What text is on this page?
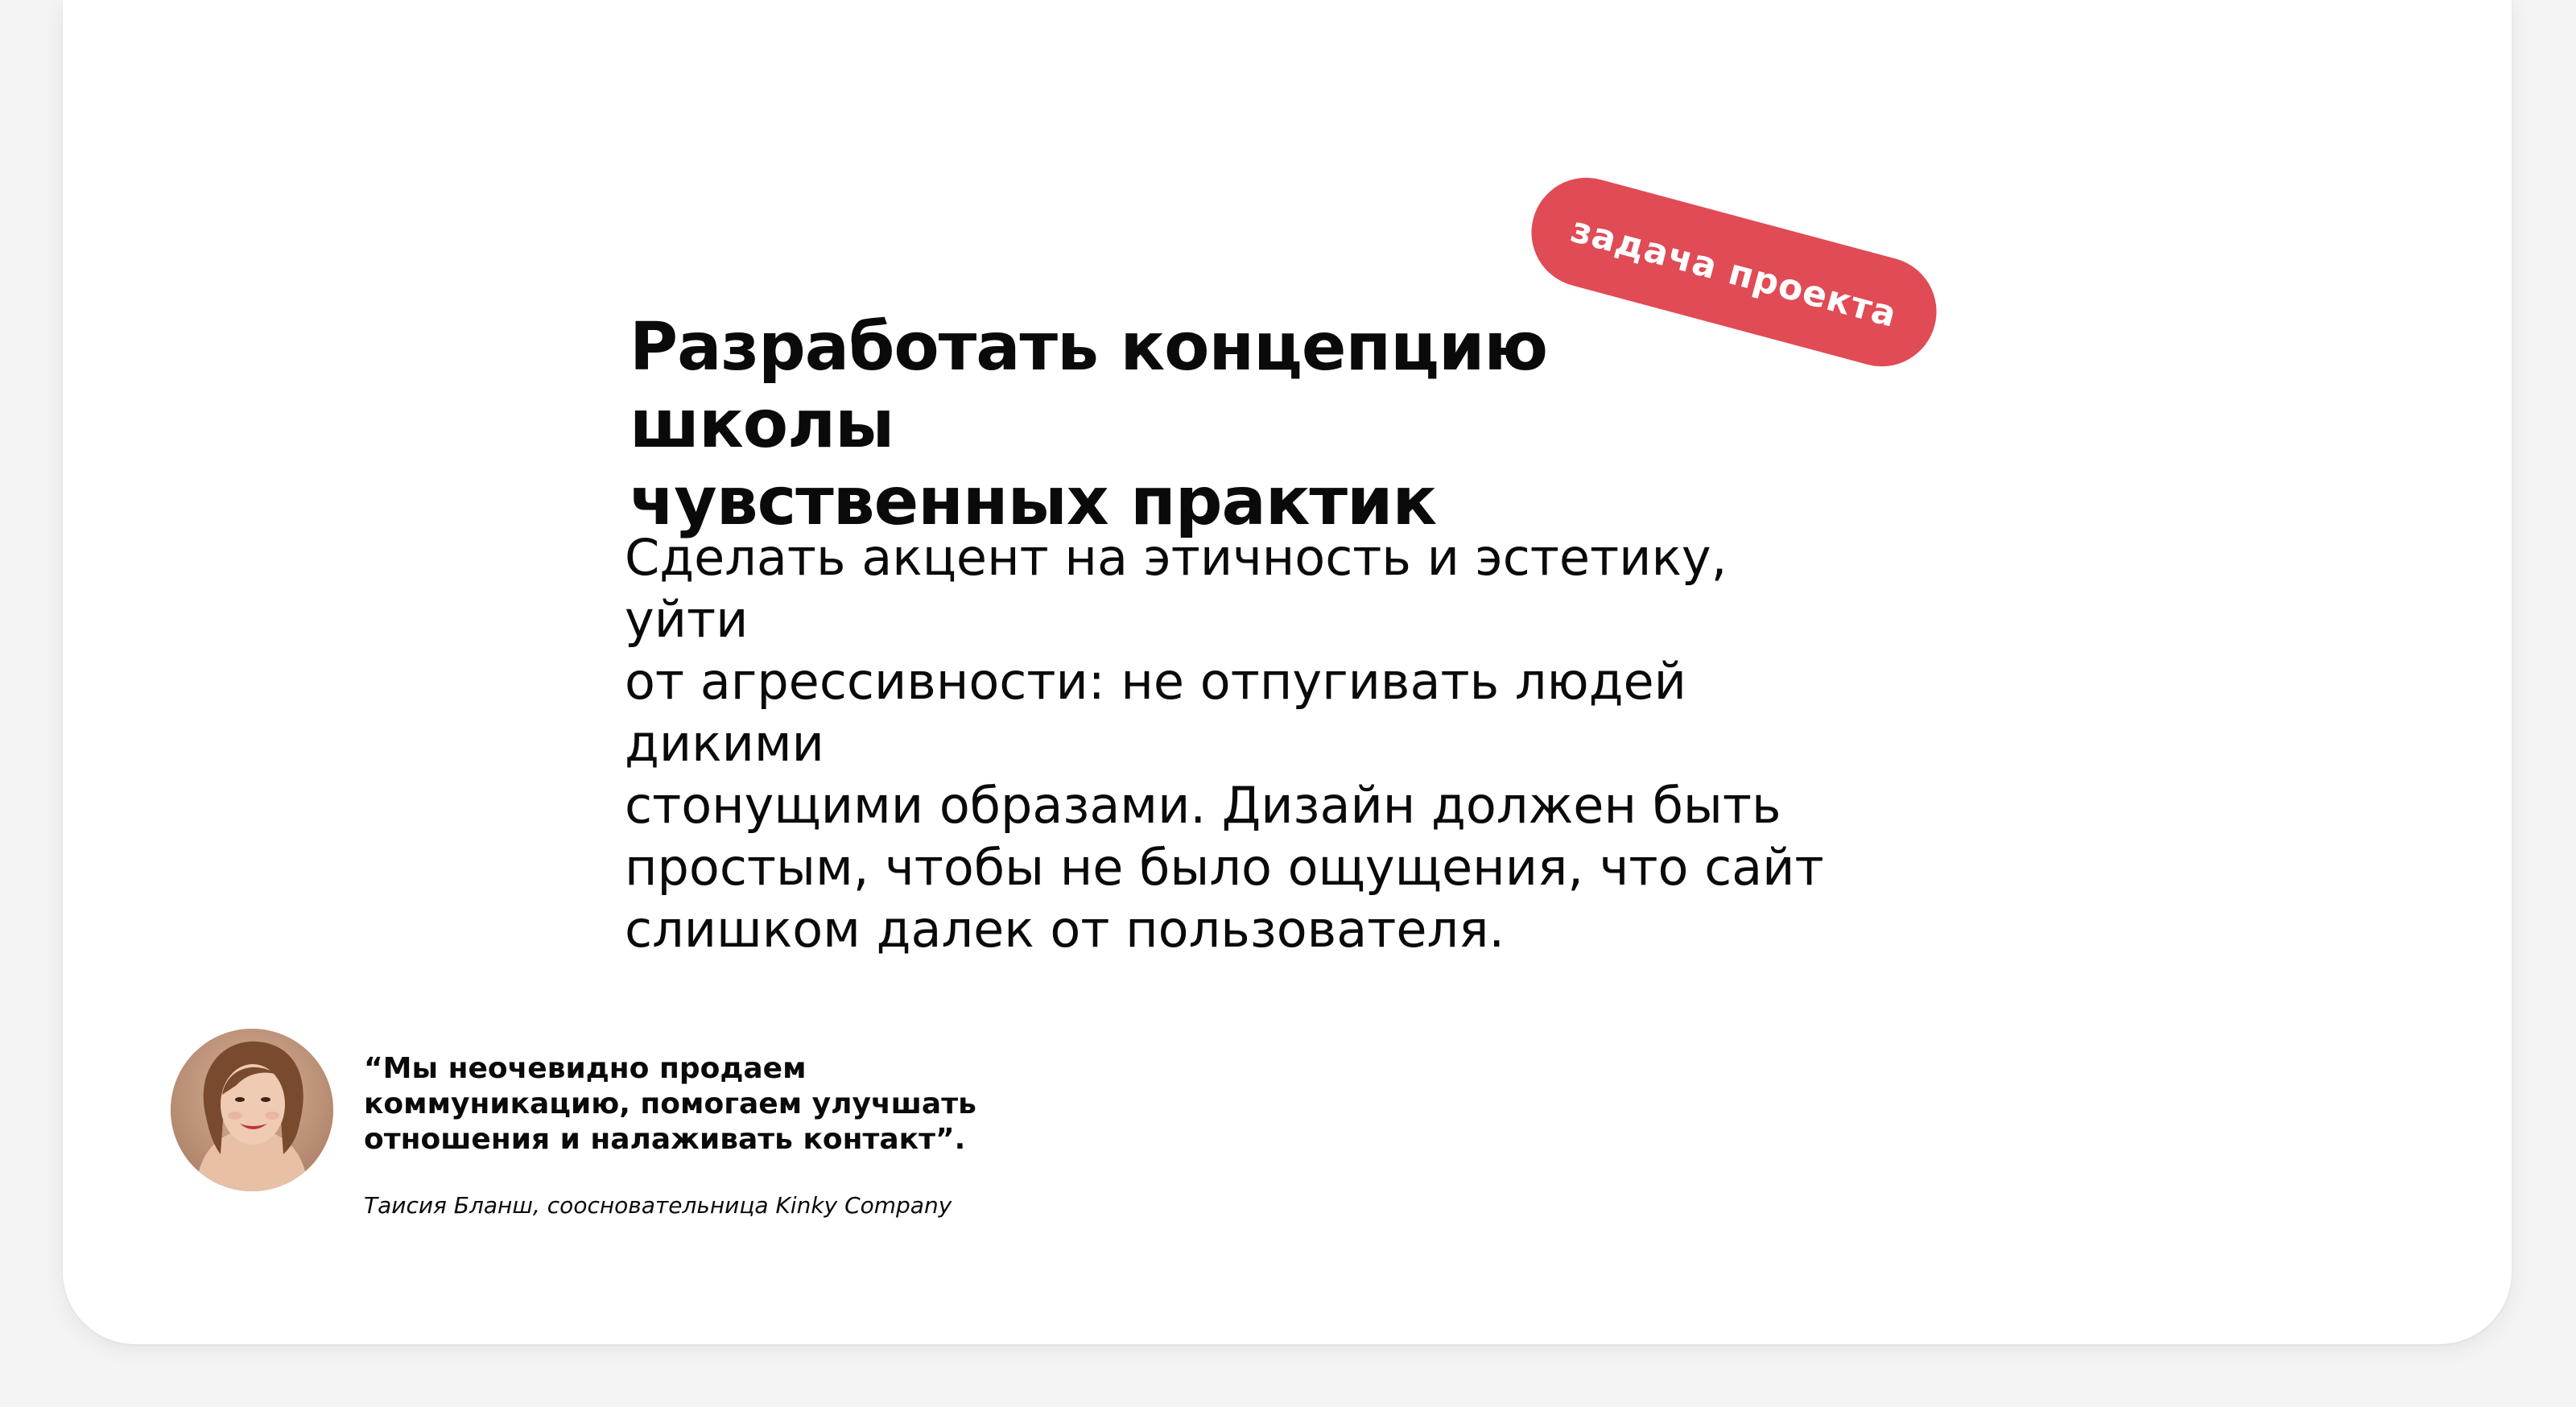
Разработать концепцию школы
чувственных практик
задача проекта

Сделать акцент на этичность и эстетику, уйти
от агрессивности: не отпугивать людей дикими
стонущими образами. Дизайн должен быть
простым, чтобы не было ощущения, что сайт
слишком далек от пользователя.

“Мы неочевидно продаем
коммуникацию, помогаем улучшать
отношения и налаживать контакт”.

Таисия Бланш, соосновательница Kinky Company
